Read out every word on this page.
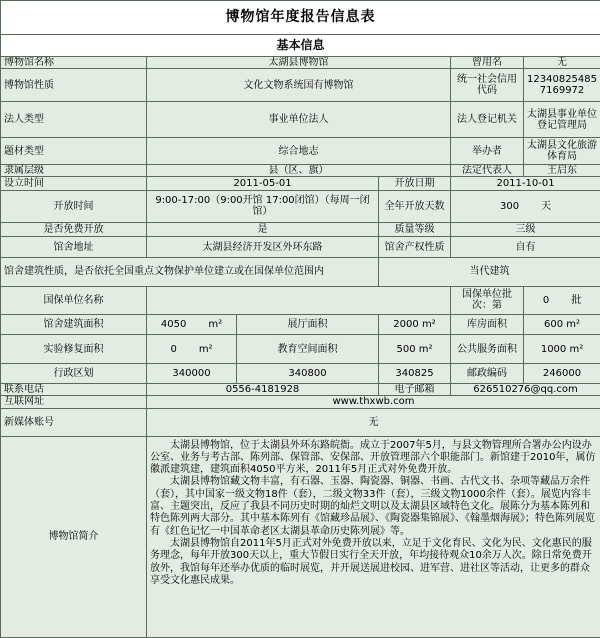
博物馆年度报告信息表					
基本信息					
博物馆名称	太湖县博物馆			曾用名	无
博物馆性质	文化文物系统国有博物馆			统一社会信用代码	12340825485 7169972
法人类型	事业单位法人			法人登记机关	太湖县事业单位登记管理局
题材类型	综合地志			举办者	太湖县文化旅游体育局
隶属层级	县（区、旗）			法定代表人	王启东
设立时间	2011-05-01		开放日期	2011-10-01	
开放时间	9:00-17:00（9:00开馆 17:00闭馆）（每周一闭馆）		全年开放天数	300 天	
是否免费开放	是		质量等级	三级	
馆舍地址	太湖县经济开发区外环东路		馆舍产权性质	自有	
馆舍建筑性质，是否依托全国重点文物保护单位建立或在国保单位范围内			当代建筑		
国保单位名称				国保单位批次：第	0 批
馆舍建筑面积	4050 m²	展厅面积	2000 m²	库房面积	600 m²
实验修复面积	0 m²	教育空间面积	500 m²	公共服务面积	1000 m²
行政区划	340000	340800	340825	邮政编码	246000
联系电话	0556-4181928		电子邮箱	626510276@qq.com	
互联网址	www.thxwb.com				
新媒体账号	无				
博物馆简介	太湖县博物馆，位于太湖县外环东路皖衙。成立于2007年5月，与县文物管理所合署办公内设办公室、业务与考古部、陈列部、保管部、安保部、开放管理部六个职能部门。新馆建于2010年，属仿徽派建筑建，建筑面积4050平方米，2011年5月正式对外免费开放。

太湖县博物馆藏文物丰富，有石器、玉器、陶瓷器、铜器、书画、古代文书、杂项等藏品万余件（套），其中国家一级文物18件（套），二级文物33件（套），三级文物1000余件（套）。展览内容丰富、主题突出，反应了我县不同历史时期的灿烂文明以及太湖县区域特色文化。展陈分为基本陈列和特色陈列两大部分。其中基本陈列有《馆藏珍品展》、《陶瓷器集锦展》、《翰墨烟海展》；特色陈列展览有《红色记忆一中国革命老区太湖县革命历史陈列展》等。

太湖县博物馆自2011年5月正式对外免费开放以来，立足于文化育民、文化为民、文化惠民的服务理念，每年开放300天以上，重大节假日实行全天开放，年均接待观众10余万人次。除日常免费开放外，我馆每年还举办优质的临时展览，并开展送展进校园、进军营、进社区等活动，让更多的群众享受文化惠民成果。				
